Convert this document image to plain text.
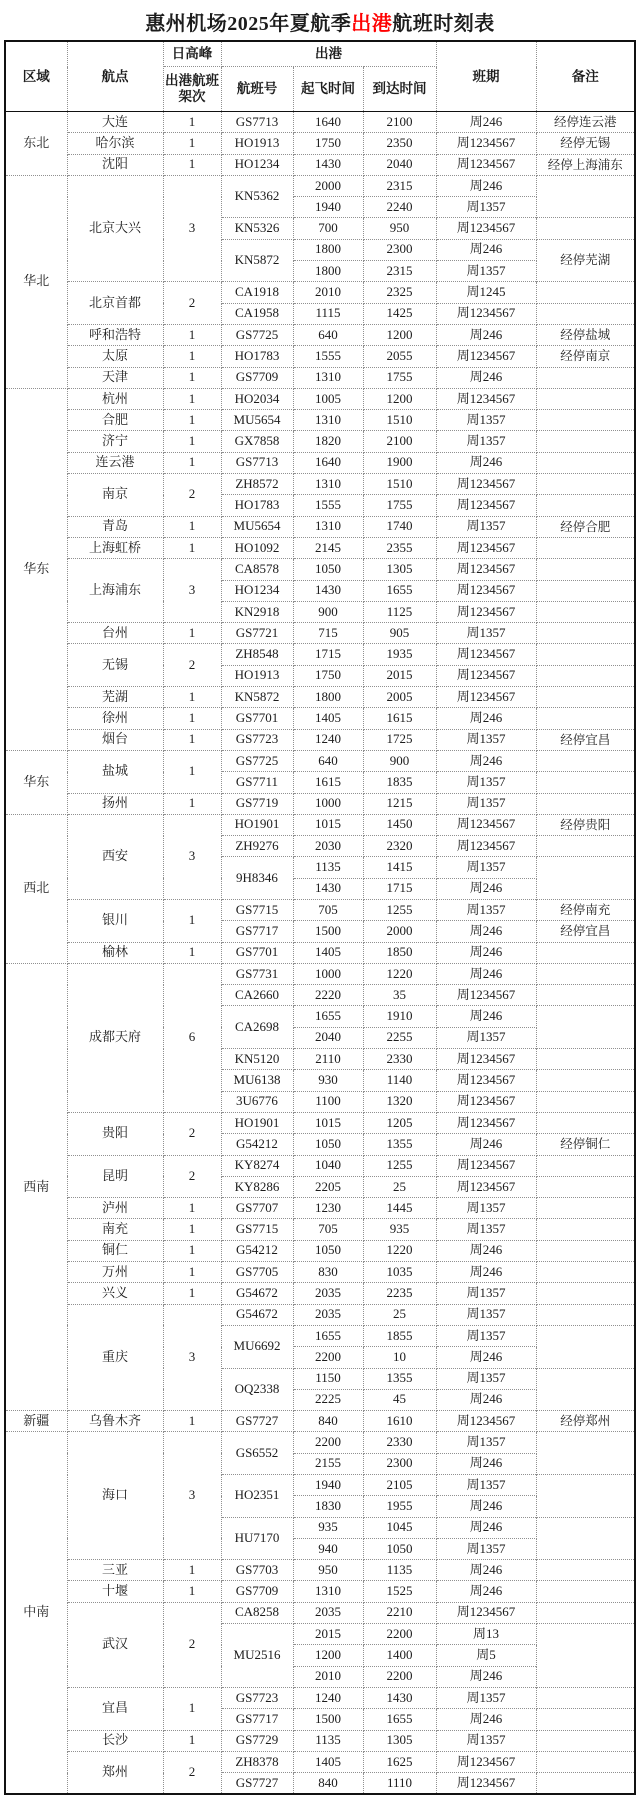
惠州机场2025年夏航季出港航班时刻表
区域	航点	日高峰	出港			班期	备注
		出港航班架次	航班号	起飞时间	到达时间		
东北	大连	1	GS7713	1640	2100	周246	经停连云港
	哈尔滨	1	HO1913	1750	2350	周1234567	经停无锡
	沈阳	1	HO1234	1430	2040	周1234567	经停上海浦东
华北	北京大兴	3	KN5362	2000	2315	周246	
				1940	2240	周1357	
			KN5326	700	950	周1234567	
			KN5872	1800	2300	周246	经停芜湖
				1800	2315	周1357	
	北京首都	2	CA1918	2010	2325	周1245	
			CA1958	1115	1425	周1234567	
	呼和浩特	1	GS7725	640	1200	周246	经停盐城
	太原	1	HO1783	1555	2055	周1234567	经停南京
	天津	1	GS7709	1310	1755	周246	
华东	杭州	1	HO2034	1005	1200	周1234567	
	合肥	1	MU5654	1310	1510	周1357	
	济宁	1	GX7858	1820	2100	周1357	
	连云港	1	GS7713	1640	1900	周246	
	南京	2	ZH8572	1310	1510	周1234567	
			HO1783	1555	1755	周1234567	
	青岛	1	MU5654	1310	1740	周1357	经停合肥
	上海虹桥	1	HO1092	2145	2355	周1234567	
	上海浦东	3	CA8578	1050	1305	周1234567	
			HO1234	1430	1655	周1234567	
			KN2918	900	1125	周1234567	
	台州	1	GS7721	715	905	周1357	
	无锡	2	ZH8548	1715	1935	周1234567	
			HO1913	1750	2015	周1234567	
	芜湖	1	KN5872	1800	2005	周1234567	
	徐州	1	GS7701	1405	1615	周246	
	烟台	1	GS7723	1240	1725	周1357	经停宜昌
华东	盐城	1	GS7725	640	900	周246	
			GS7711	1615	1835	周1357	
	扬州	1	GS7719	1000	1215	周1357	
西北	西安	3	HO1901	1015	1450	周1234567	经停贵阳
			ZH9276	2030	2320	周1234567	
			9H8346	1135	1415	周1357	
				1430	1715	周246	
	银川	1	GS7715	705	1255	周1357	经停南充
			GS7717	1500	2000	周246	经停宜昌
	榆林	1	GS7701	1405	1850	周246	
西南	成都天府	6	GS7731	1000	1220	周246	
			CA2660	2220	35	周1234567	
			CA2698	1655	1910	周246	
				2040	2255	周1357	
			KN5120	2110	2330	周1234567	
			MU6138	930	1140	周1234567	
			3U6776	1100	1320	周1234567	
	贵阳	2	HO1901	1015	1205	周1234567	
			G54212	1050	1355	周246	经停铜仁
	昆明	2	KY8274	1040	1255	周1234567	
			KY8286	2205	25	周1234567	
	泸州	1	GS7707	1230	1445	周1357	
	南充	1	GS7715	705	935	周1357	
	铜仁	1	G54212	1050	1220	周246	
	万州	1	GS7705	830	1035	周246	
	兴义	1	G54672	2035	2235	周1357	
	重庆	3	G54672	2035	25	周1357	
			MU6692	1655	1855	周1357	
				2200	10	周246	
			OQ2338	1150	1355	周1357	
				2225	45	周246	
新疆	乌鲁木齐	1	GS7727	840	1610	周1234567	经停郑州
中南	海口	3	GS6552	2200	2330	周1357	
				2155	2300	周246	
			HO2351	1940	2105	周1357	
				1830	1955	周246	
			HU7170	935	1045	周246	
				940	1050	周1357	
	三亚	1	GS7703	950	1135	周246	
	十堰	1	GS7709	1310	1525	周246	
	武汉	2	CA8258	2035	2210	周1234567	
			MU2516	2015	2200	周13	
				1200	1400	周5	
				2010	2200	周246	
	宜昌	1	GS7723	1240	1430	周1357	
			GS7717	1500	1655	周246	
	长沙	1	GS7729	1135	1305	周1357	
	郑州	2	ZH8378	1405	1625	周1234567	
			GS7727	840	1110	周1234567	
